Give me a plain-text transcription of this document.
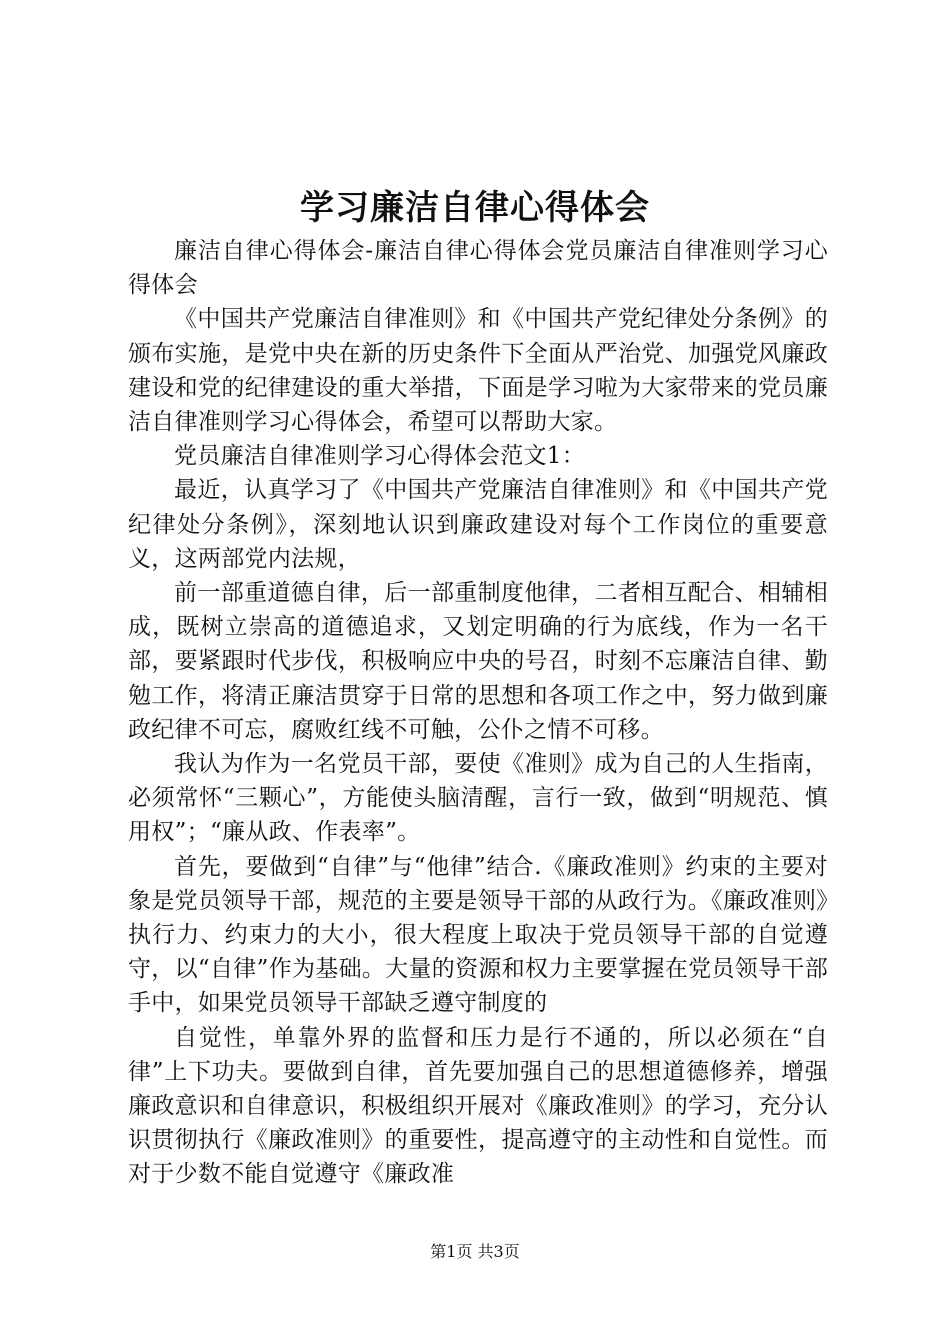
学习廉洁自律心得体会

廉洁自律心得体会-廉洁自律心得体会党员廉洁自律准则学习心得体会

《中国共产党廉洁自律准则》和《中国共产党纪律处分条例》的颁布实施，是党中央在新的历史条件下全面从严治党、加强党风廉政建设和党的纪律建设的重大举措，下面是学习啦为大家带来的党员廉洁自律准则学习心得体会，希望可以帮助大家。

党员廉洁自律准则学习心得体会范文1：

最近，认真学习了《中国共产党廉洁自律准则》和《中国共产党纪律处分条例》，深刻地认识到廉政建设对每个工作岗位的重要意义，这两部党内法规，

前一部重道德自律，后一部重制度他律，二者相互配合、相辅相成，既树立崇高的道德追求，又划定明确的行为底线，作为一名干部，要紧跟时代步伐，积极响应中央的号召，时刻不忘廉洁自律、勤勉工作，将清正廉洁贯穿于日常的思想和各项工作之中，努力做到廉政纪律不可忘，腐败红线不可触，公仆之情不可移。

我认为作为一名党员干部，要使《准则》成为自己的人生指南，必须常怀“三颗心”，方能使头脑清醒，言行一致，做到“明规范、慎用权”；“廉从政、作表率”。

首先，要做到“自律”与“他律”结合.《廉政准则》约束的主要对象是党员领导干部，规范的主要是领导干部的从政行为。《廉政准则》执行力、约束力的大小，很大程度上取决于党员领导干部的自觉遵守，以“自律”作为基础。大量的资源和权力主要掌握在党员领导干部手中，如果党员领导干部缺乏遵守制度的

自觉性，单靠外界的监督和压力是行不通的，所以必须在“自律”上下功夫。要做到自律，首先要加强自己的思想道德修养，增强廉政意识和自律意识，积极组织开展对《廉政准则》的学习，充分认识贯彻执行《廉政准则》的重要性，提高遵守的主动性和自觉性。而对于少数不能自觉遵守《廉政准

第1页 共3页
